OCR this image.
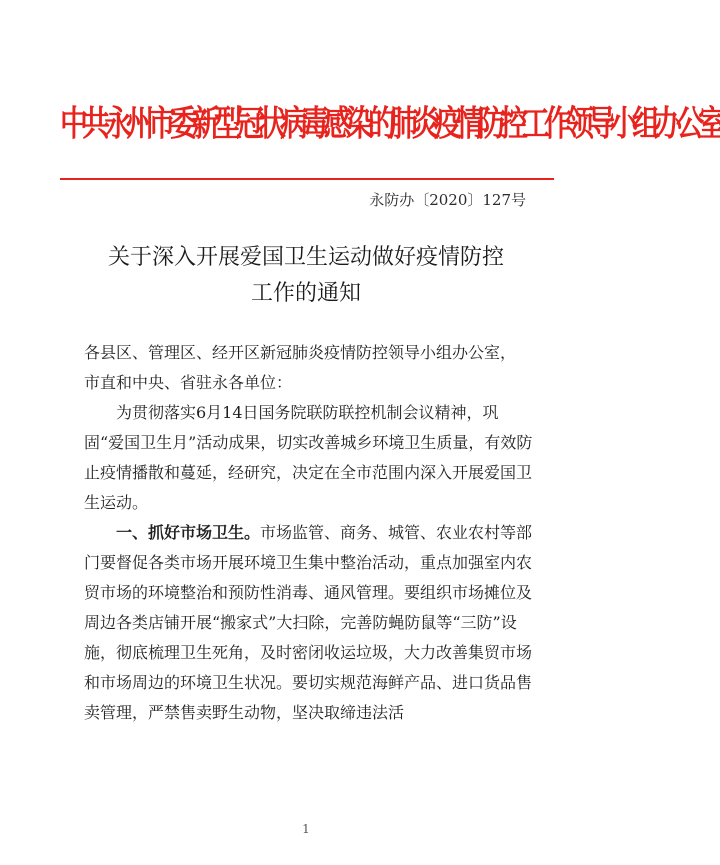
中共永州市委新型冠状病毒感染的肺炎疫情防控工作领导小组办公室
永防办〔2020〕127号
关于深入开展爱国卫生运动做好疫情防控
工作的通知

各县区、管理区、经开区新冠肺炎疫情防控领导小组办公室，

市直和中央、省驻永各单位：

为贯彻落实6月14日国务院联防联控机制会议精神，巩固“爱国卫生月”活动成果，切实改善城乡环境卫生质量，有效防止疫情播散和蔓延，经研究，决定在全市范围内深入开展爱国卫生运动。

一、抓好市场卫生。市场监管、商务、城管、农业农村等部门要督促各类市场开展环境卫生集中整治活动，重点加强室内农贸市场的环境整治和预防性消毒、通风管理。要组织市场摊位及周边各类店铺开展“搬家式”大扫除，完善防蝇防鼠等“三防”设施，彻底梳理卫生死角，及时密闭收运垃圾，大力改善集贸市场和市场周边的环境卫生状况。要切实规范海鲜产品、进口货品售卖管理，严禁售卖野生动物，坚决取缔违法活

1
